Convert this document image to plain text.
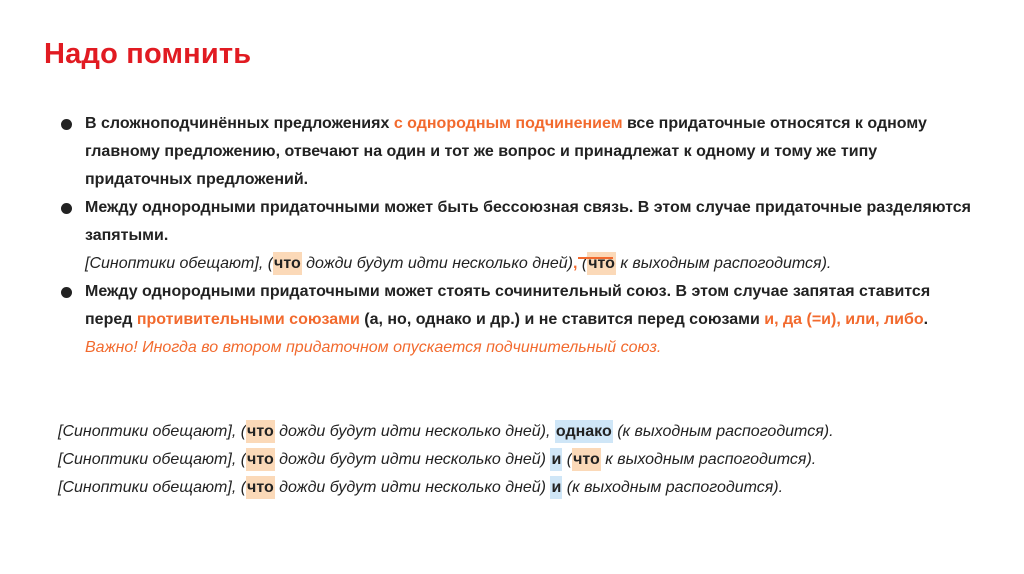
Надо помнить
В сложноподчинённых предложениях с однородным подчинением все придаточные относятся к одному главному предложению, отвечают на один и тот же вопрос и принадлежат к одному и тому же типу придаточных предложений.
Между однородными придаточными может быть бессоюзная связь. В этом случае придаточные разделяются запятыми.
[Синоптики обещают], (что дожди будут идти несколько дней), (что к выходным распогодится).
Между однородными придаточными может стоять сочинительный союз. В этом случае запятая ставится перед противительными союзами (а, но, однако и др.) и не ставится перед союзами и, да (=и), или, либо.
Важно! Иногда во втором придаточном опускается подчинительный союз.
[Синоптики обещают], (что дожди будут идти несколько дней), однако (к выходным распогодится).
[Синоптики обещают], (что дожди будут идти несколько дней) и (что к выходным распогодится).
[Синоптики обещают], (что дожди будут идти несколько дней) и (к выходным распогодится).
